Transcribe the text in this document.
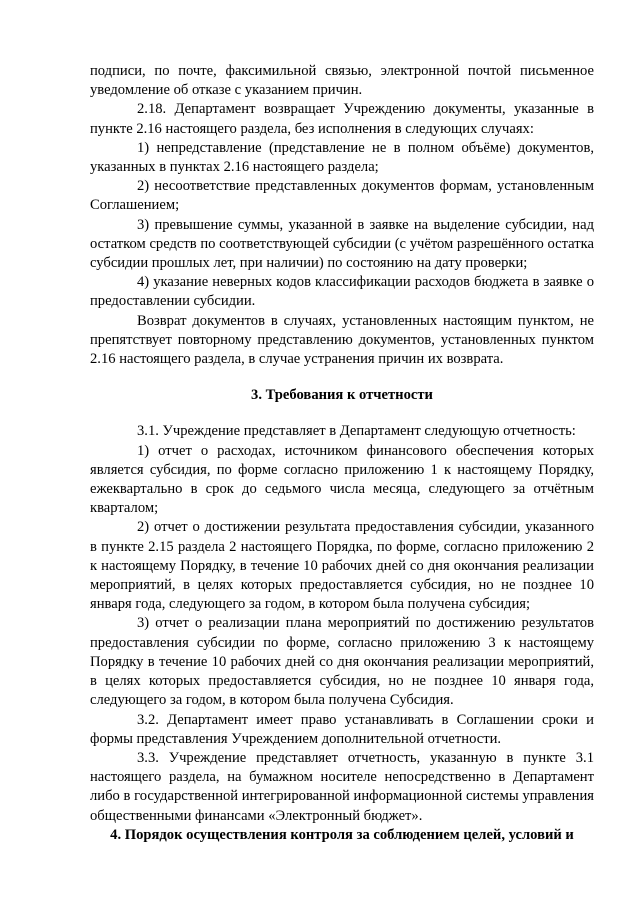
подписи, по почте, факсимильной связью, электронной почтой письменное уведомление об отказе с указанием причин.

2.18. Департамент возвращает Учреждению документы, указанные в пункте 2.16 настоящего раздела, без исполнения в следующих случаях:

1) непредставление (представление не в полном объёме) документов, указанных в пунктах 2.16 настоящего раздела;

2) несоответствие представленных документов формам, установленным Соглашением;

3) превышение суммы, указанной в заявке на выделение субсидии, над остатком средств по соответствующей субсидии (с учётом разрешённого остатка субсидии прошлых лет, при наличии) по состоянию на дату проверки;

4) указание неверных кодов классификации расходов бюджета в заявке о предоставлении субсидии.

Возврат документов в случаях, установленных настоящим пунктом, не препятствует повторному представлению документов, установленных пунктом 2.16 настоящего раздела, в случае устранения причин их возврата.

3. Требования к отчетности

3.1. Учреждение представляет в Департамент следующую отчетность:

1) отчет о расходах, источником финансового обеспечения которых является субсидия, по форме согласно приложению 1 к настоящему Порядку, ежеквартально в срок до седьмого числа месяца, следующего за отчётным кварталом;

2) отчет о достижении результата предоставления субсидии, указанного в пункте 2.15 раздела 2 настоящего Порядка, по форме, согласно приложению 2 к настоящему Порядку, в течение 10 рабочих дней со дня окончания реализации мероприятий, в целях которых предоставляется субсидия, но не позднее 10 января года, следующего за годом, в котором была получена субсидия;

3) отчет о реализации плана мероприятий по достижению результатов предоставления субсидии по форме, согласно приложению 3 к настоящему Порядку в течение 10 рабочих дней со дня окончания реализации мероприятий, в целях которых предоставляется субсидия, но не позднее 10 января года, следующего за годом, в котором была получена Субсидия.

3.2. Департамент имеет право устанавливать в Соглашении сроки и формы представления Учреждением дополнительной отчетности.

3.3. Учреждение представляет отчетность, указанную в пункте 3.1 настоящего раздела, на бумажном носителе непосредственно в Департамент либо в государственной интегрированной информационной системы управления общественными финансами «Электронный бюджет».

4. Порядок осуществления контроля за соблюдением целей, условий и
